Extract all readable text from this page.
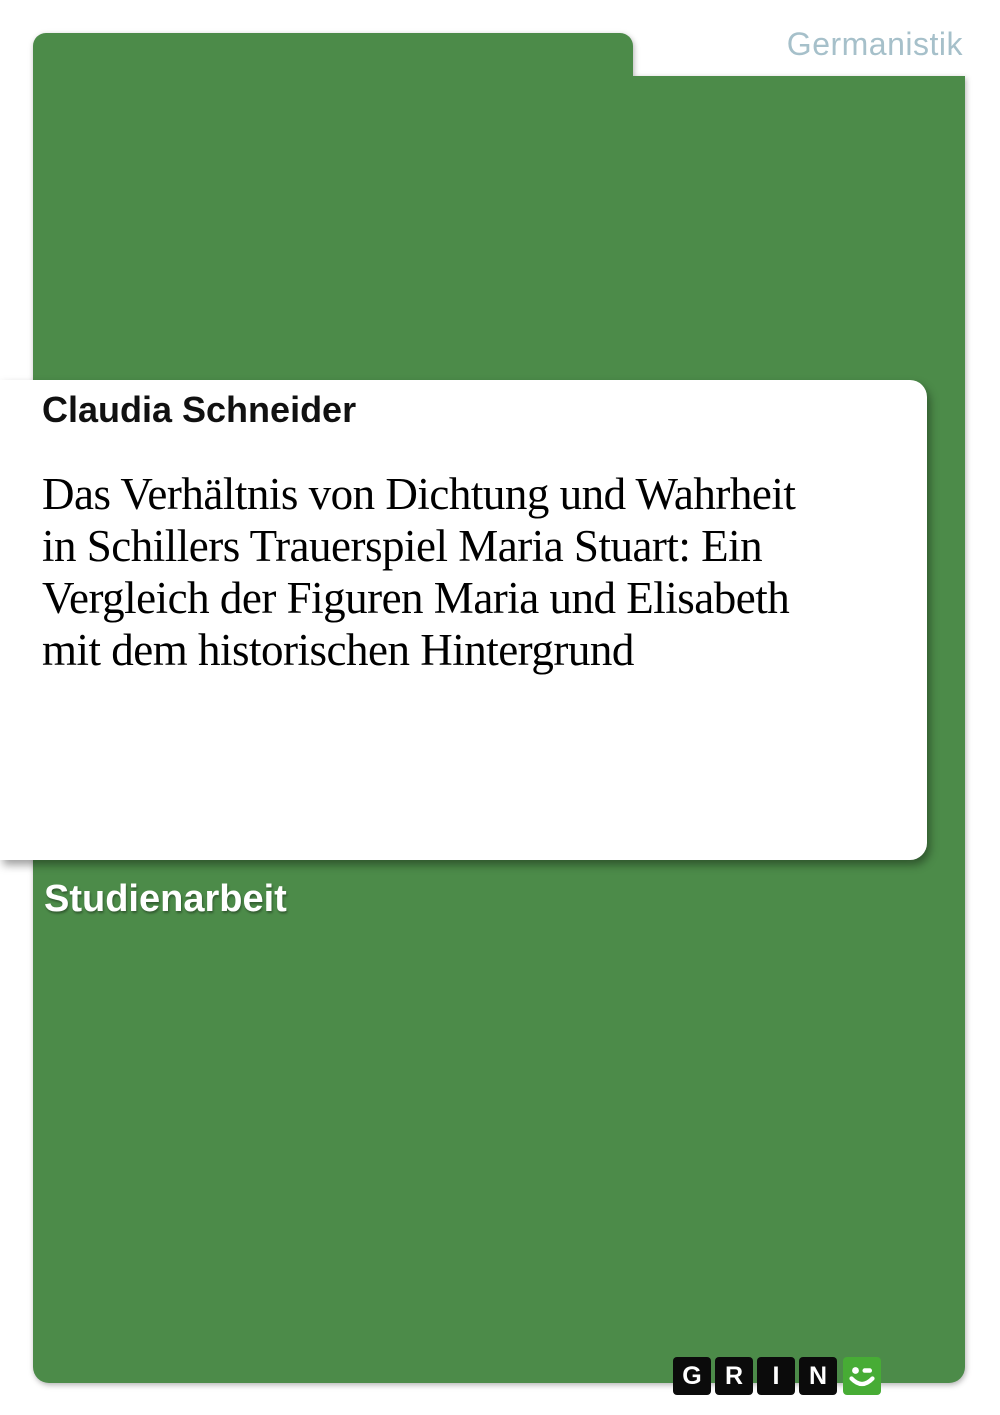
Germanistik
Claudia Schneider
Das Verhältnis von Dichtung und Wahrheit
in Schillers Trauerspiel Maria Stuart: Ein
Vergleich der Figuren Maria und Elisabeth
mit dem historischen Hintergrund
Studienarbeit
G R I N
